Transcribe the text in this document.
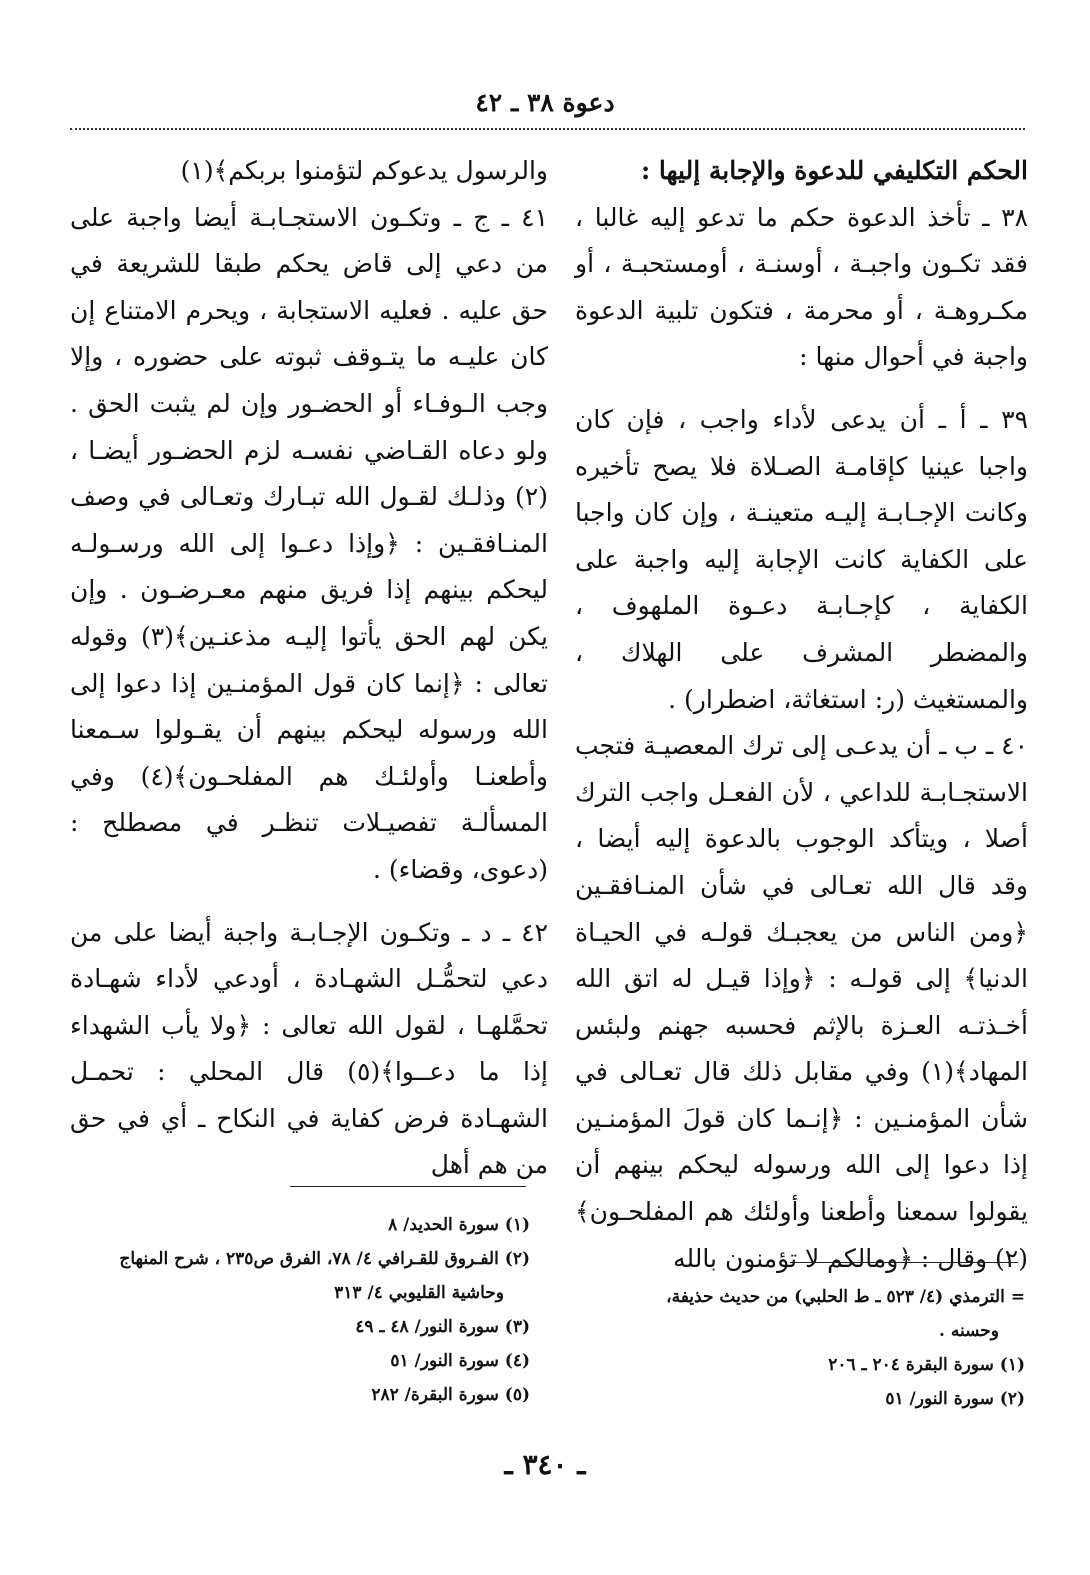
دعوة ٣٨ ـ ٤٢

الحكم التكليفي للدعوة والإجابة إليها :

٣٨ ـ تأخذ الدعوة حكم ما تدعو إليه غالبا ، فقد تكـون واجبـة ، أوسنـة ، أومستحبـة ، أو مكـروهـة ، أو محرمة ، فتكون تلبية الدعوة واجبة في أحوال منها :

٣٩ ـ أ ـ أن يدعى لأداء واجب ، فإن كان واجبا عينيا كإقامـة الصـلاة فلا يصح تأخيره وكانت الإجـابـة إليـه متعينـة ، وإن كان واجبا على الكفاية كانت الإجابة إليه واجبة على الكفاية ، كإجـابـة دعـوة الملهوف ، والمضطر المشرف على الهلاك ، والمستغيث (ر: استغاثة، اضطرار) .

٤٠ ـ ب ـ أن يدعـى إلى ترك المعصيـة فتجب الاستجـابـة للداعي ، لأن الفعـل واجب الترك أصلا ، ويتأكد الوجوب بالدعوة إليه أيضا ، وقد قال الله تعـالى في شأن المنـافقـين ﴿ومن الناس من يعجبـك قولـه في الحيـاة الدنيا﴾ إلى قولـه : ﴿وإذا قيـل له اتق الله أخـذتـه العـزة بالإثم فحسبه جهنم ولبئس المهاد﴾(١) وفي مقابل ذلك قال تعـالى في شأن المؤمنـين : ﴿إنـما كان قولَ المؤمنـين إذا دعوا إلى الله ورسوله ليحكم بينهم أن يقولوا سمعنا وأطعنا وأولئك هم المفلحـون﴾(٢) وقال : ﴿ومالكم لا تؤمنون بالله

والرسول يدعوكم لتؤمنوا بربكم﴾(١)

٤١ ـ ج ـ وتكـون الاستجـابـة أيضا واجبة على من دعي إلى قاض يحكم طبقا للشريعة في حق عليه . فعليه الاستجابة ، ويحرم الامتناع إن كان عليـه ما يتـوقف ثبوته على حضوره ، وإلا وجب الـوفـاء أو الحضـور وإن لم يثبت الحق . ولو دعاه القـاضي نفسـه لزم الحضـور أيضـا ،(٢) وذلـك لقـول الله تبـارك وتعـالى في وصف المنـافقـين : ﴿وإذا دعـوا إلى الله ورسـولـه ليحكم بينهم إذا فريق منهم معـرضـون . وإن يكن لهم الحق يأتوا إليـه مذعنـين﴾(٣) وقوله تعالى : ﴿إنما كان قول المؤمنـين إذا دعوا إلى الله ورسوله ليحكم بينهم أن يقـولوا سـمعنا وأطعنـا وأولئـك هم المفلحـون﴾(٤) وفي المسألـة تفصيـلات تنظـر في مصطلح : (دعوى، وقضاء) .

٤٢ ـ د ـ وتكـون الإجـابـة واجبة أيضا على من دعي لتحمُّـل الشهـادة ، أودعي لأداء شهـادة تحمَّلهـا ، لقول الله تعالى : ﴿ولا يأب الشهداء إذا ما دعــوا﴾(٥) قال المحلي : تحمـل الشهـادة فرض كفاية في النكاح ـ أي في حق من هم أهل

= الترمذي (٤/ ٥٢٣ ـ ط الحلبي) من حديث حذيفة،

وحسنه .

(١) سورة البقرة ٢٠٤ ـ ٢٠٦

(٢) سورة النور/ ٥١

(١) سورة الحديد/ ٨

(٢) الفـروق للقـرافي ٤/ ٧٨، الفرق ص٢٣٥ ، شرح المنهاج

وحاشية القليوبي ٤/ ٣١٣

(٣) سورة النور/ ٤٨ ـ ٤٩

(٤) سورة النور/ ٥١

(٥) سورة البقرة/ ٢٨٢

ـ ٣٤٠ ـ
